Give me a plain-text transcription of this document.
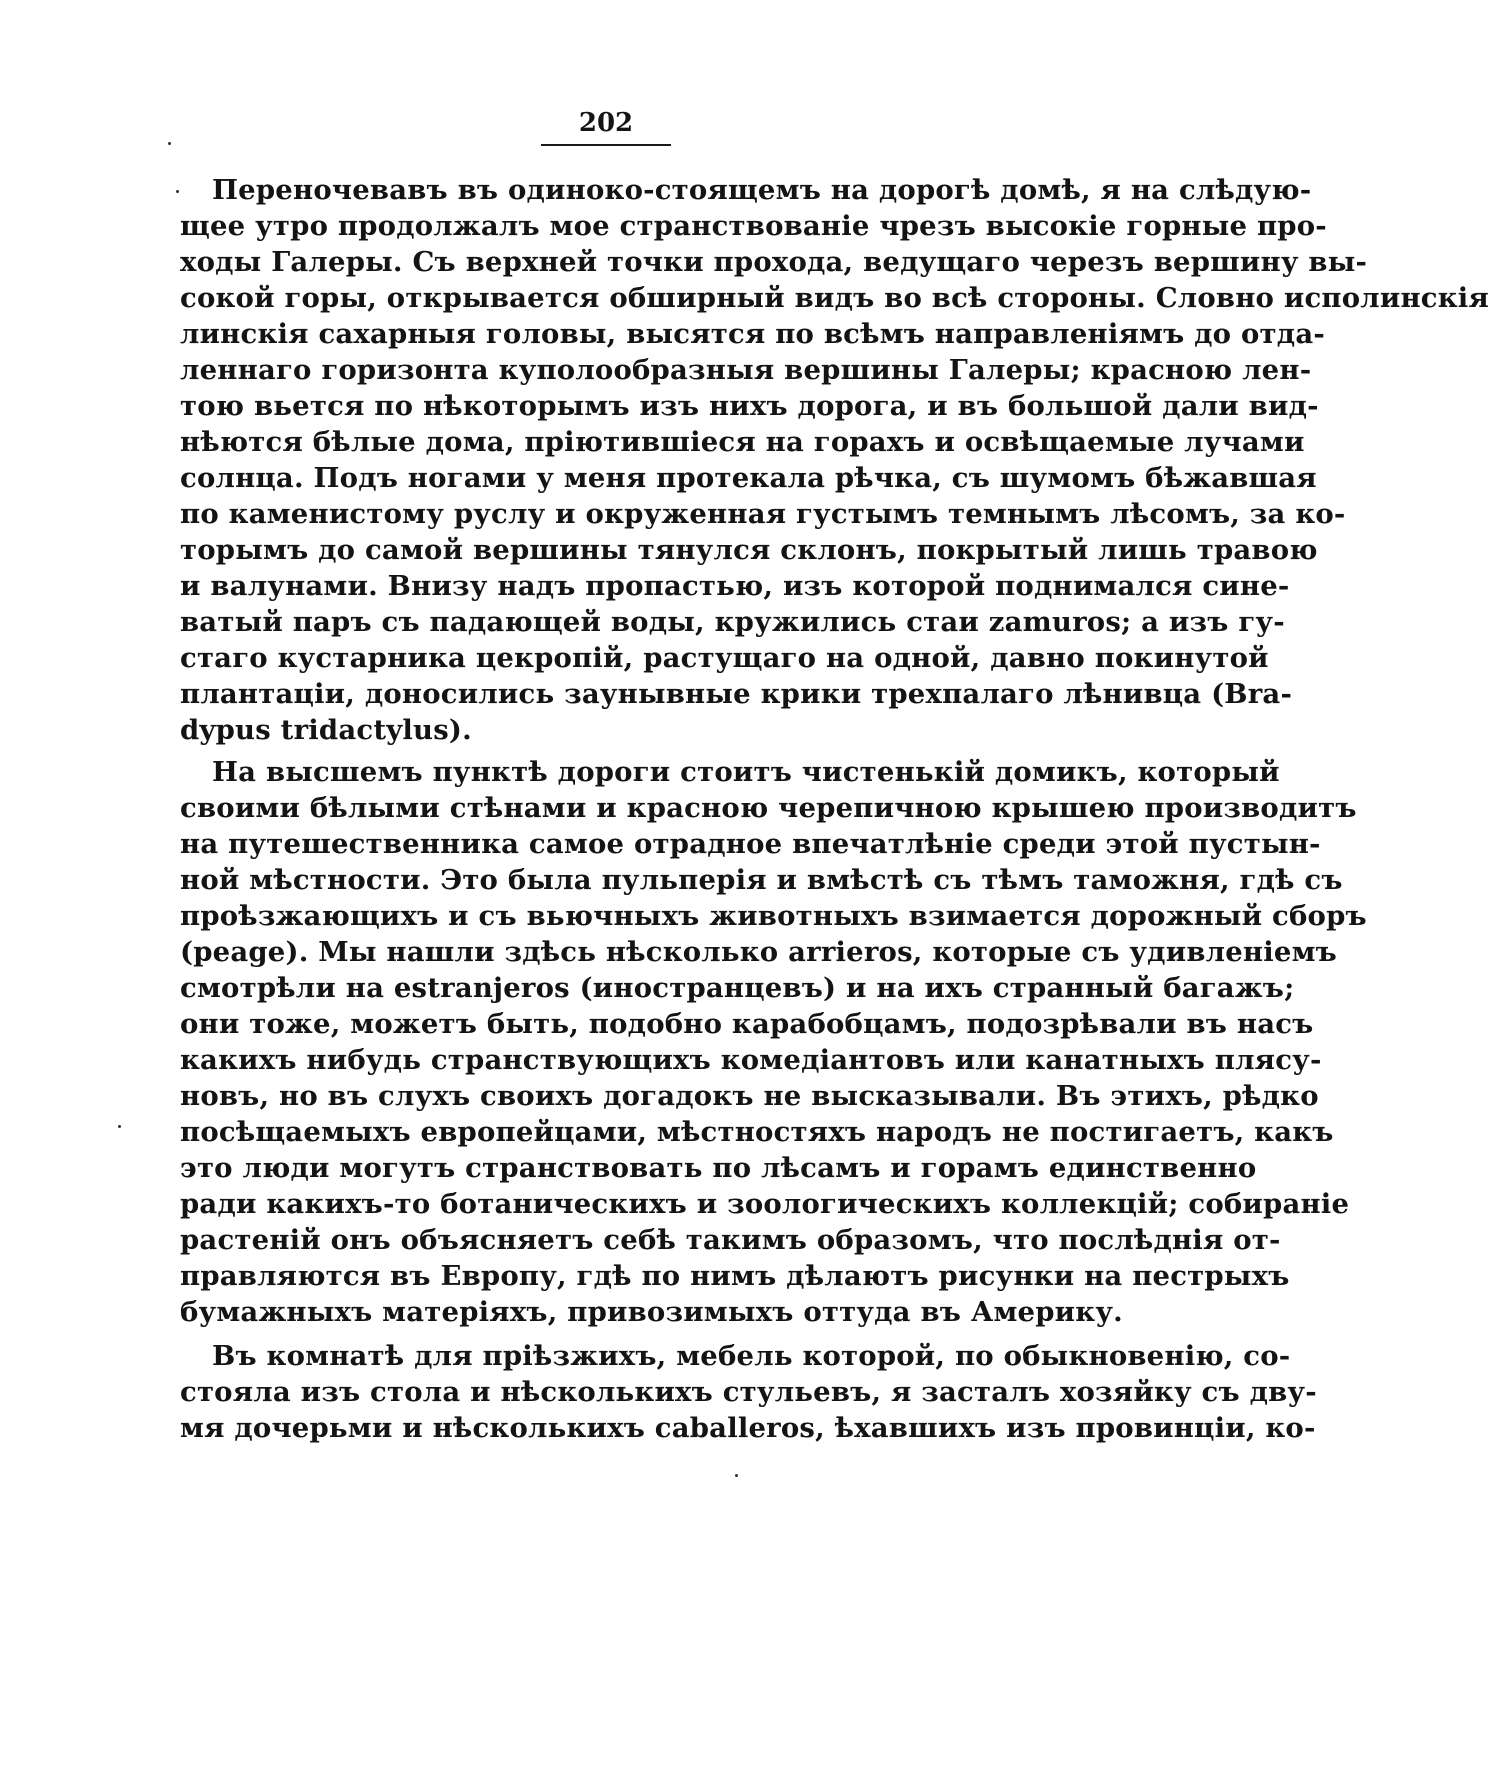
202
Переночевавъ въ одиноко-стоящемъ на дорогѣ домѣ, я на слѣдую-
щее утро продолжалъ мое странствованіе чрезъ высокіе горные про-
ходы Галеры. Съ верхней точки прохода, ведущаго черезъ вершину вы-
сокой горы, открывается обширный видъ во всѣ стороны. Словно исполинскія
линскія сахарныя головы, высятся по всѣмъ направленіямъ до отда-
леннаго горизонта куполообразныя вершины Галеры; красною лен-
тою вьется по нѣкоторымъ изъ нихъ дорога, и въ большой дали вид-
нѣются бѣлые дома, пріютившіеся на горахъ и освѣщаемые лучами
солнца. Подъ ногами у меня протекала рѣчка, съ шумомъ бѣжавшая
по каменистому руслу и окруженная густымъ темнымъ лѣсомъ, за ко-
торымъ до самой вершины тянулся склонъ, покрытый лишь травою
и валунами. Внизу надъ пропастью, изъ которой поднимался сине-
ватый паръ съ падающей воды, кружились стаи zamuros; а изъ гу-
стаго кустарника цекропій, растущаго на одной, давно покинутой
плантаціи, доносились заунывные крики трехпалаго лѣнивца (Bra-
dypus tridactylus).
На высшемъ пунктѣ дороги стоитъ чистенькій домикъ, который
своими бѣлыми стѣнами и красною черепичною крышею производитъ
на путешественника самое отрадное впечатлѣніе среди этой пустын-
ной мѣстности. Это была пульперія и вмѣстѣ съ тѣмъ таможня, гдѣ съ
проѣзжающихъ и съ вьючныхъ животныхъ взимается дорожный сборъ
(peage). Мы нашли здѣсь нѣсколько arrieros, которые съ удивленіемъ
смотрѣли на estranjeros (иностранцевъ) и на ихъ странный багажъ;
они тоже, можетъ быть, подобно карабобцамъ, подозрѣвали въ насъ
какихъ нибудь странствующихъ комедіантовъ или канатныхъ плясу-
новъ, но въ слухъ своихъ догадокъ не высказывали. Въ этихъ, рѣдко
посѣщаемыхъ европейцами, мѣстностяхъ народъ не постигаетъ, какъ
это люди могутъ странствовать по лѣсамъ и горамъ единственно
ради какихъ-то ботаническихъ и зоологическихъ коллекцій; собираніе
растеній онъ объясняетъ себѣ такимъ образомъ, что послѣднія от-
правляются въ Европу, гдѣ по нимъ дѣлаютъ рисунки на пестрыхъ
бумажныхъ матеріяхъ, привозимыхъ оттуда въ Америку.
Въ комнатѣ для пріѣзжихъ, мебель которой, по обыкновенію, со-
стояла изъ стола и нѣсколькихъ стульевъ, я засталъ хозяйку съ дву-
мя дочерьми и нѣсколькихъ caballeros, ѣхавшихъ изъ провинціи, ко-
